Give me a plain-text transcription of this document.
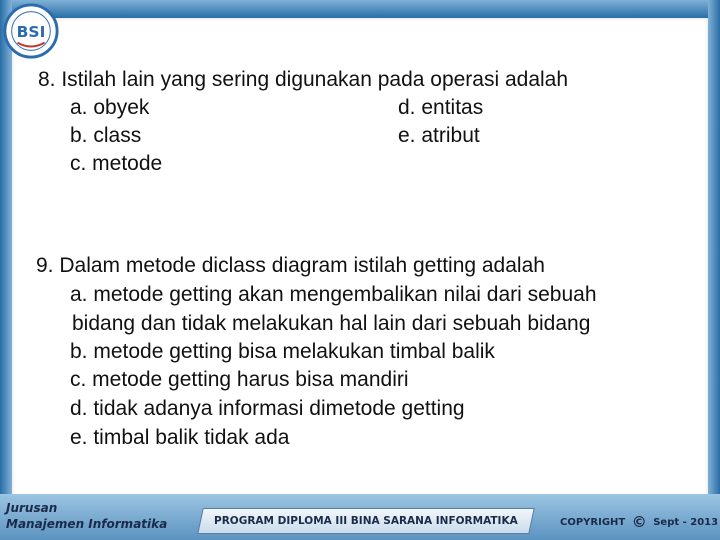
BSI
8. Istilah lain yang sering digunakan pada operasi adalah
a. obyek
b. class
c. metode
d. entitas
e. atribut
9. Dalam metode diclass diagram istilah getting adalah
a. metode getting akan mengembalikan nilai dari sebuah
bidang dan tidak melakukan hal lain dari sebuah bidang
b. metode getting bisa melakukan timbal balik
c. metode getting harus bisa mandiri
d. tidak adanya informasi dimetode getting
e. timbal balik tidak ada
Jurusan
Manajemen Informatika	PROGRAM DIPLOMA III BINA SARANA INFORMATIKA	COPYRIGHT © Sept - 2013
